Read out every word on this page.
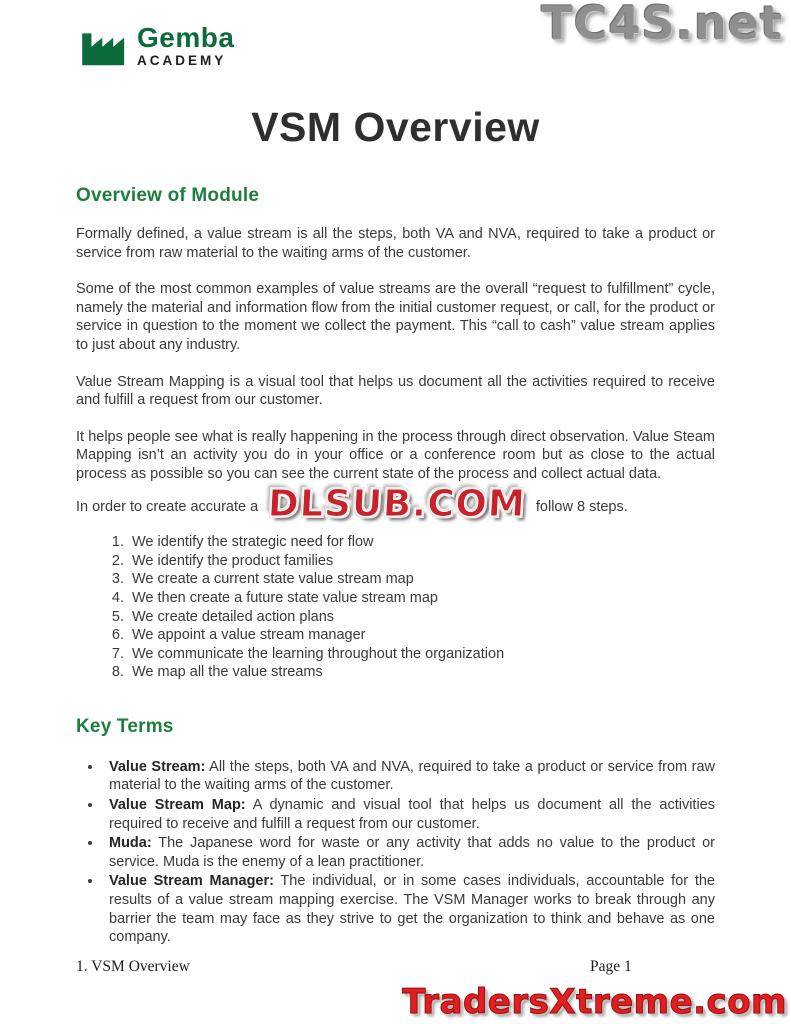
Gemba
ACADEMY
TC4S.net
VSM Overview
Overview of Module

Formally defined, a value stream is all the steps, both VA and NVA, required to take a product or service from raw material to the waiting arms of the customer.

Some of the most common examples of value streams are the overall “request to fulfillment” cycle, namely the material and information flow from the initial customer request, or call, for the product or service in question to the moment we collect the payment. This “call to cash” value stream applies to just about any industry.

Value Stream Mapping is a visual tool that helps us document all the activities required to receive and fulfill a request from our customer.

It helps people see what is really happening in the process through direct observation. Value Steam Mapping isn’t an activity you do in your office or a conference room but as close to the actual process as possible so you can see the current state of the process and collect actual data.

In order to create accurate a DLSUB.COM follow 8 steps.

1. We identify the strategic need for flow
2. We identify the product families
3. We create a current state value stream map
4. We then create a future state value stream map
5. We create detailed action plans
6. We appoint a value stream manager
7. We communicate the learning throughout the organization
8. We map all the value streams
Key Terms
• Value Stream: All the steps, both VA and NVA, required to take a product or service from raw material to the waiting arms of the customer.
• Value Stream Map: A dynamic and visual tool that helps us document all the activities required to receive and fulfill a request from our customer.
• Muda: The Japanese word for waste or any activity that adds no value to the product or service. Muda is the enemy of a lean practitioner.
• Value Stream Manager: The individual, or in some cases individuals, accountable for the results of a value stream mapping exercise. The VSM Manager works to break through any barrier the team may face as they strive to get the organization to think and behave as one company.
1. VSM Overview	Page 1
TradersXtreme.com
